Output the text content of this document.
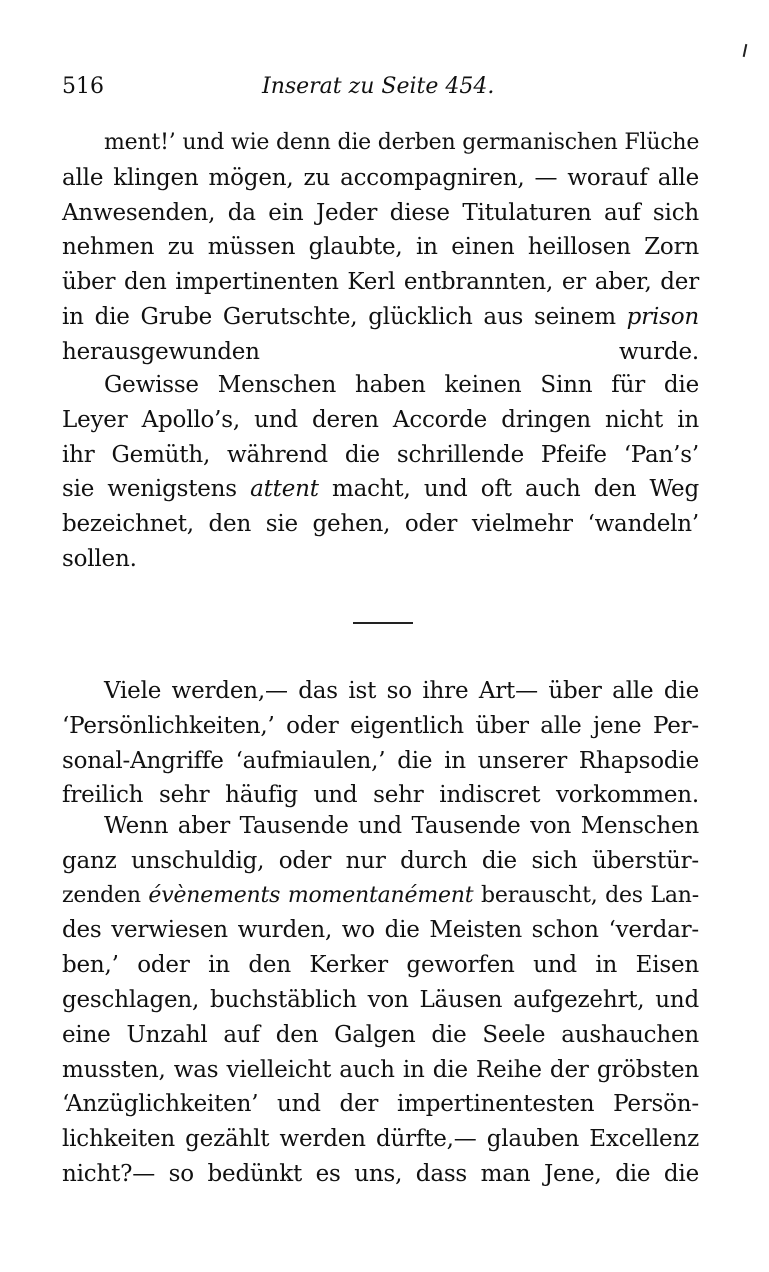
516	Inserat zu Seite 454.
ment!’ und wie denn die derben germanischen Flüche
alle klingen mögen, zu accompagniren, — worauf alle
Anwesenden, da ein Jeder diese Titulaturen auf sich
nehmen zu müssen glaubte, in einen heillosen Zorn
über den impertinenten Kerl entbrannten, er aber, der
in die Grube Gerutschte, glücklich aus seinem prison
herausgewunden wurde.
Gewisse Menschen haben keinen Sinn für die
Leyer Apollo’s, und deren Accorde dringen nicht in
ihr Gemüth, während die schrillende Pfeife ‘Pan’s’
sie wenigstens attent macht, und oft auch den Weg
bezeichnet, den sie gehen, oder vielmehr ‘wandeln’
sollen.
Viele werden,— das ist so ihre Art— über alle die
‘Persönlichkeiten,’ oder eigentlich über alle jene Per-
sonal-Angriffe ‘aufmiaulen,’ die in unserer Rhapsodie
freilich sehr häufig und sehr indiscret vorkommen.
Wenn aber Tausende und Tausende von Menschen
ganz unschuldig, oder nur durch die sich überstür-
zenden évènements momentanément berauscht, des Lan-
des verwiesen wurden, wo die Meisten schon ‘verdar-
ben,’ oder in den Kerker geworfen und in Eisen
geschlagen, buchstäblich von Läusen aufgezehrt, und
eine Unzahl auf den Galgen die Seele aushauchen
mussten, was vielleicht auch in die Reihe der gröbsten
‘Anzüglichkeiten’ und der impertinentesten Persön-
lichkeiten gezählt werden dürfte,— glauben Excellenz
nicht?— so bedünkt es uns, dass man Jene, die die
